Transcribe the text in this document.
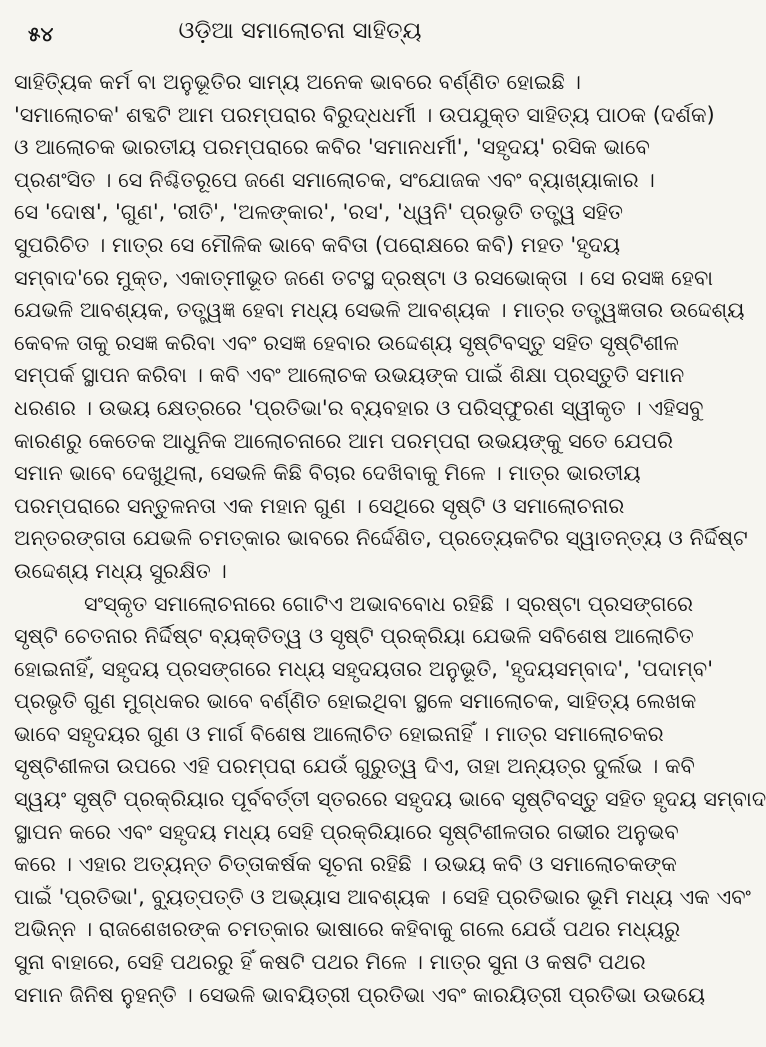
୫୪	ଓଡ଼ିଆ ସମାଲୋଚନା ସାହିତ୍ୟ
ସାହିତ୍ୟିକ କର୍ମ ବା ଅନୁଭୂତିର ସାମ୍ୟ ଅନେକ ଭାବରେ ବର୍ଣ୍ଣିତ ହୋଇଛି ।
'ସମାଲୋଚକ' ଶବ୍ଦଟି ଆମ ପରମ୍ପରାର ବିରୁଦ୍ଧଧର୍ମୀ । ଉପଯୁକ୍ତ ସାହିତ୍ୟ ପାଠକ (ଦର୍ଶକ)
ଓ ଆଲୋଚକ ଭାରତୀୟ ପରମ୍ପରାରେ କବିର 'ସମାନଧର୍ମୀ', 'ସହୃଦୟ' ରସିକ ଭାବେ
ପ୍ରଶଂସିତ । ସେ ନିଶ୍ଚିତରୂପେ ଜଣେ ସମାଲୋଚକ, ସଂଯୋଜକ ଏବଂ ବ୍ୟାଖ୍ୟାକାର ।
ସେ 'ଦୋଷ', 'ଗୁଣ', 'ରୀତି', 'ଅଳଙ୍କାର', 'ରସ', 'ଧ୍ୱନି' ପ୍ରଭୃତି ତତ୍ତ୍ୱ ସହିତ
ସୁପରିଚିତ । ମାତ୍ର ସେ ମୌଳିକ ଭାବେ କବିତା (ପରୋକ୍ଷରେ କବି) ମହତ 'ହୃଦୟ
ସମ୍ବାଦ'ରେ ମୁକ୍ତ, ଏକାତ୍ମୀଭୂତ ଜଣେ ତଟସ୍ଥ ଦ୍ରଷ୍ଟା ଓ ରସଭୋକ୍ତା । ସେ ରସଜ୍ଞ ହେବା
ଯେଭଳି ଆବଶ୍ୟକ, ତତ୍ତ୍ୱଜ୍ଞ ହେବା ମଧ୍ୟ ସେଭଳି ଆବଶ୍ୟକ । ମାତ୍ର ତତ୍ତ୍ୱଜ୍ଞତାର ଉଦ୍ଦେଶ୍ୟ
କେବଳ ତାକୁ ରସଜ୍ଞ କରିବା ଏବଂ ରସଜ୍ଞ ହେବାର ଉଦ୍ଦେଶ୍ୟ ସୃଷ୍ଟିବସ୍ତୁ ସହିତ ସୃଷ୍ଟିଶୀଳ
ସମ୍ପର୍କ ସ୍ଥାପନ କରିବା । କବି ଏବଂ ଆଲୋଚକ ଉଭୟଙ୍କ ପାଇଁ ଶିକ୍ଷା ପ୍ରସ୍ତୁତି ସମାନ
ଧରଣର । ଉଭୟ କ୍ଷେତ୍ରରେ 'ପ୍ରତିଭା'ର ବ୍ୟବହାର ଓ ପରିସ୍ଫୁରଣ ସ୍ୱୀକୃତ । ଏହିସବୁ
କାରଣରୁ କେତେକ ଆଧୁନିକ ଆଲୋଚନାରେ ଆମ ପରମ୍ପରା ଉଭୟଙ୍କୁ ସତେ ଯେପରି
ସମାନ ଭାବେ ଦେଖୁଥିଲା, ସେଭଳି କିଛି ବିଚାର ଦେଖିବାକୁ ମିଳେ । ମାତ୍ର ଭାରତୀୟ
ପରମ୍ପରାରେ ସନ୍ତୁଳନତା ଏକ ମହାନ ଗୁଣ । ସେଥିରେ ସୃଷ୍ଟି ଓ ସମାଲୋଚନାର
ଅନ୍ତରଙ୍ଗତା ଯେଭଳି ଚମତ୍କାର ଭାବରେ ନିର୍ଦ୍ଦେଶିତ, ପ୍ରତ୍ୟେକଟିର ସ୍ୱାତନ୍ତ୍ୟ ଓ ନିର୍ଦ୍ଦିଷ୍ଟ
ଉଦ୍ଦେଶ୍ୟ ମଧ୍ୟ ସୁରକ୍ଷିତ ।
ସଂସ୍କୃତ ସମାଲୋଚନାରେ ଗୋଟିଏ ଅଭାବବୋଧ ରହିଛି । ସ୍ରଷ୍ଟା ପ୍ରସଙ୍ଗରେ
ସୃଷ୍ଟି ଚେତନାର ନିର୍ଦ୍ଦିଷ୍ଟ ବ୍ୟକ୍ତିତ୍ୱ ଓ ସୃଷ୍ଟି ପ୍ରକ୍ରିୟା ଯେଭଳି ସବିଶେଷ ଆଲୋଚିତ
ହୋଇନାହିଁ, ସହୃଦୟ ପ୍ରସଙ୍ଗରେ ମଧ୍ୟ ସହୃଦୟତାର ଅନୁଭୂତି, 'ହୃଦୟସମ୍ବାଦ', 'ପଦାମ୍ବ'
ପ୍ରଭୃତି ଗୁଣ ମୁଗ୍ଧକର ଭାବେ ବର୍ଣ୍ଣିତ ହୋଇଥିବା ସ୍ଥଳେ ସମାଲୋଚକ, ସାହିତ୍ୟ ଲେଖକ
ଭାବେ ସହୃଦୟର ଗୁଣ ଓ ମାର୍ଗ ବିଶେଷ ଆଲୋଚିତ ହୋଇନାହିଁ । ମାତ୍ର ସମାଲୋଚକର
ସୃଷ୍ଟିଶୀଳତା ଉପରେ ଏହି ପରମ୍ପରା ଯେଉଁ ଗୁରୁତ୍ୱ ଦିଏ, ତାହା ଅନ୍ୟତ୍ର ଦୁର୍ଲଭ । କବି
ସ୍ୱୟଂ ସୃଷ୍ଟି ପ୍ରକ୍ରିୟାର ପୂର୍ବବର୍ତ୍ତୀ ସ୍ତରରେ ସହୃଦୟ ଭାବେ ସୃଷ୍ଟିବସ୍ତୁ ସହିତ ହୃଦୟ ସମ୍ବାଦ
ସ୍ଥାପନ କରେ ଏବଂ ସହୃଦୟ ମଧ୍ୟ ସେହି ପ୍ରକ୍ରିୟାରେ ସୃଷ୍ଟିଶୀଳତାର ଗଭୀର ଅନୁଭବ
କରେ । ଏହାର ଅତ୍ୟନ୍ତ ଚିତ୍ତାକର୍ଷକ ସୂଚନା ରହିଛି । ଉଭୟ କବି ଓ ସମାଲୋଚକଙ୍କ
ପାଇଁ 'ପ୍ରତିଭା', ବ୍ୟୁତ୍ପତ୍ତି ଓ ଅଭ୍ୟାସ ଆବଶ୍ୟକ । ସେହି ପ୍ରତିଭାର ଭୂମି ମଧ୍ୟ ଏକ ଏବଂ
ଅଭିନ୍ନ । ରାଜଶେଖରଙ୍କ ଚମତ୍କାର ଭାଷାରେ କହିବାକୁ ଗଲେ ଯେଉଁ ପଥର ମଧ୍ୟରୁ
ସୁନା ବାହାରେ, ସେହି ପଥରରୁ ହିଁ କଷଟି ପଥର ମିଳେ । ମାତ୍ର ସୁନା ଓ କଷଟି ପଥର
ସମାନ ଜିନିଷ ନୁହନ୍ତି । ସେଭଳି ଭାବୟିତ୍ରୀ ପ୍ରତିଭା ଏବଂ କାରୟିତ୍ରୀ ପ୍ରତିଭା ଉଭୟେ
